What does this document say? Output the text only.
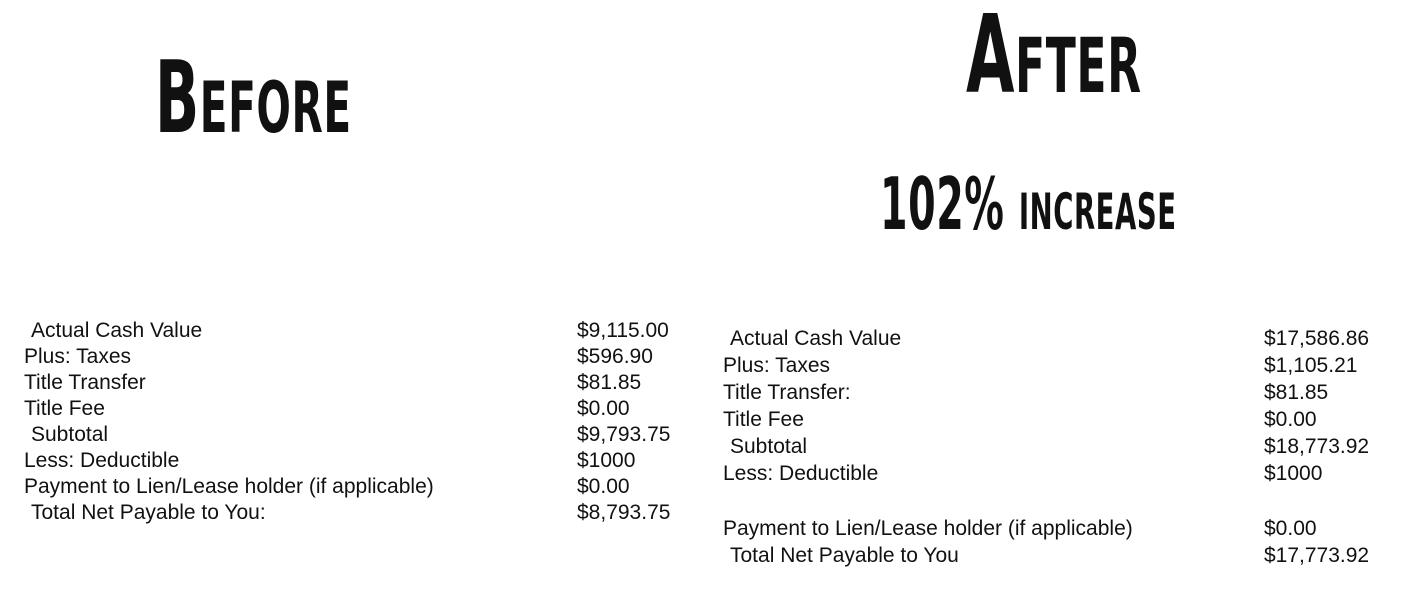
Before	After
102% increase
Actual Cash Value	$9,115.00
Plus: Taxes	$596.90
Title Transfer	$81.85
Title Fee	$0.00
Subtotal	$9,793.75
Less: Deductible	$1000
Payment to Lien/Lease holder (if applicable)	$0.00
Total Net Payable to You:	$8,793.75
Actual Cash Value	$17,586.86
Plus: Taxes	$1,105.21
Title Transfer:	$81.85
Title Fee	$0.00
Subtotal	$18,773.92
Less: Deductible	$1000
Payment to Lien/Lease holder (if applicable)	$0.00
Total Net Payable to You	$17,773.92
